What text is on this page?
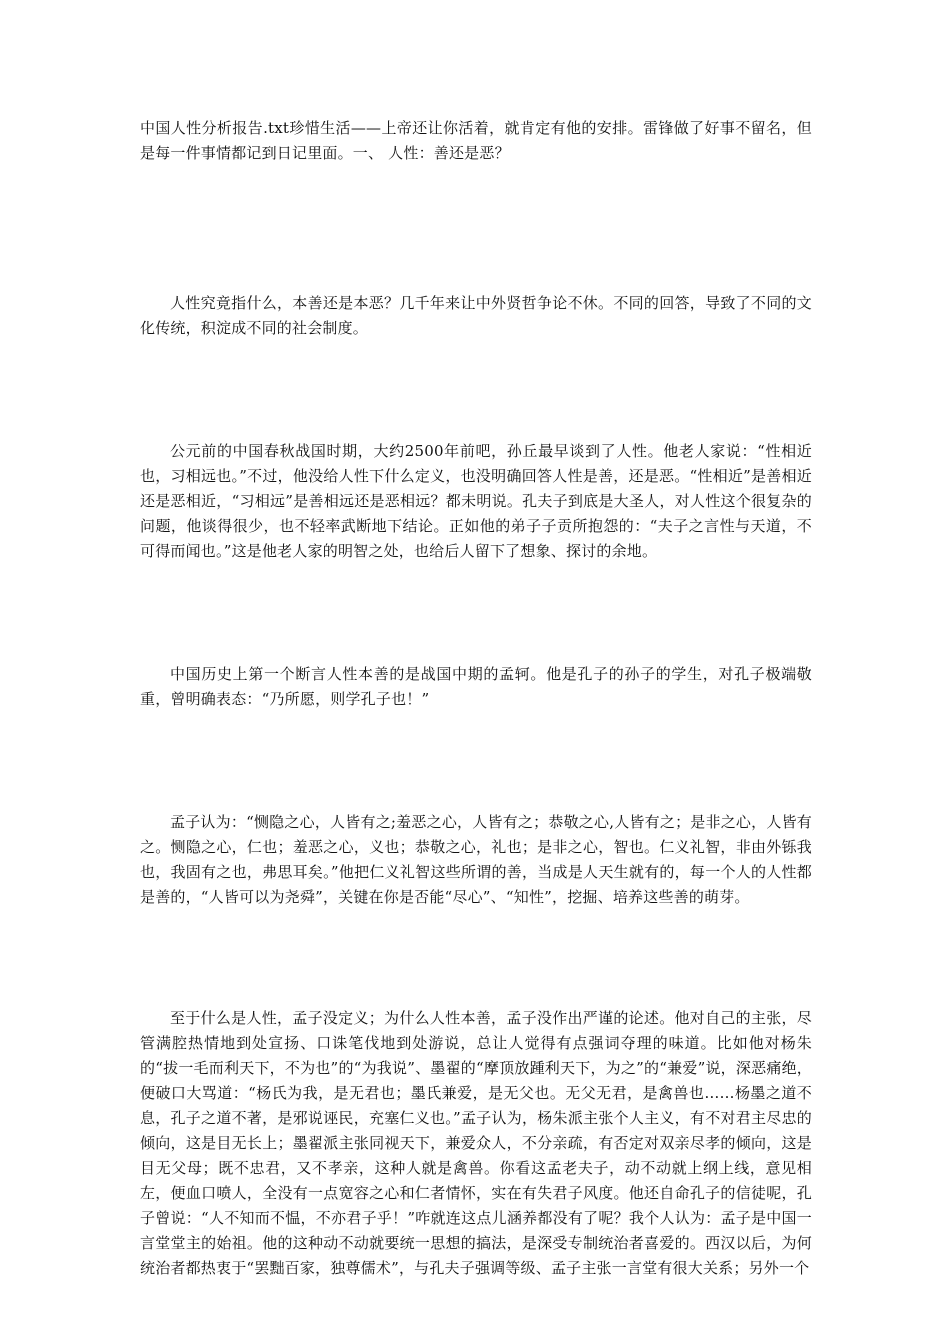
中国人性分析报告.txt珍惜生活——上帝还让你活着，就肯定有他的安排。雷锋做了好事不留名，但是每一件事情都记到日记里面。一、 人性：善还是恶？

人性究竟指什么，本善还是本恶？几千年来让中外贤哲争论不休。不同的回答，导致了不同的文化传统，积淀成不同的社会制度。

公元前的中国春秋战国时期，大约2500年前吧，孙丘最早谈到了人性。他老人家说：“性相近也，习相远也。”不过，他没给人性下什么定义，也没明确回答人性是善，还是恶。“性相近”是善相近还是恶相近，“习相远”是善相远还是恶相远？都未明说。孔夫子到底是大圣人，对人性这个很复杂的问题，他谈得很少，也不轻率武断地下结论。正如他的弟子子贡所抱怨的：“夫子之言性与天道，不可得而闻也。”这是他老人家的明智之处，也给后人留下了想象、探讨的余地。

中国历史上第一个断言人性本善的是战国中期的孟轲。他是孔子的孙子的学生，对孔子极端敬重，曾明确表态：“乃所愿，则学孔子也！”

孟子认为：“恻隐之心，人皆有之;羞恶之心，人皆有之；恭敬之心,人皆有之；是非之心，人皆有之。恻隐之心，仁也；羞恶之心，义也；恭敬之心，礼也；是非之心，智也。仁义礼智，非由外铄我也，我固有之也，弗思耳矣。”他把仁义礼智这些所谓的善，当成是人天生就有的，每一个人的人性都是善的，“人皆可以为尧舜”，关键在你是否能“尽心”、“知性”，挖掘、培养这些善的萌芽。

至于什么是人性，孟子没定义；为什么人性本善，孟子没作出严谨的论述。他对自己的主张，尽管满腔热情地到处宣扬、口诛笔伐地到处游说，总让人觉得有点强词夺理的味道。比如他对杨朱的“拔一毛而利天下，不为也”的“为我说”、墨翟的“摩顶放踵利天下，为之”的“兼爱”说，深恶痛绝，便破口大骂道：“杨氏为我，是无君也；墨氏兼爱，是无父也。无父无君，是禽兽也……杨墨之道不息，孔子之道不著，是邪说诬民，充塞仁义也。”孟子认为，杨朱派主张个人主义，有不对君主尽忠的倾向，这是目无长上；墨翟派主张同视天下，兼爱众人，不分亲疏，有否定对双亲尽孝的倾向，这是目无父母；既不忠君，又不孝亲，这种人就是禽兽。你看这孟老夫子，动不动就上纲上线，意见相左，便血口喷人，全没有一点宽容之心和仁者情怀，实在有失君子风度。他还自命孔子的信徒呢，孔子曾说：“人不知而不愠，不亦君子乎！”咋就连这点儿涵养都没有了呢？我个人认为：孟子是中国一言堂堂主的始祖。他的这种动不动就要统一思想的搞法，是深受专制统治者喜爱的。西汉以后，为何统治者都热衷于“罢黜百家，独尊儒术”，与孔夫子强调等级、孟子主张一言堂有很大关系；另外一个
